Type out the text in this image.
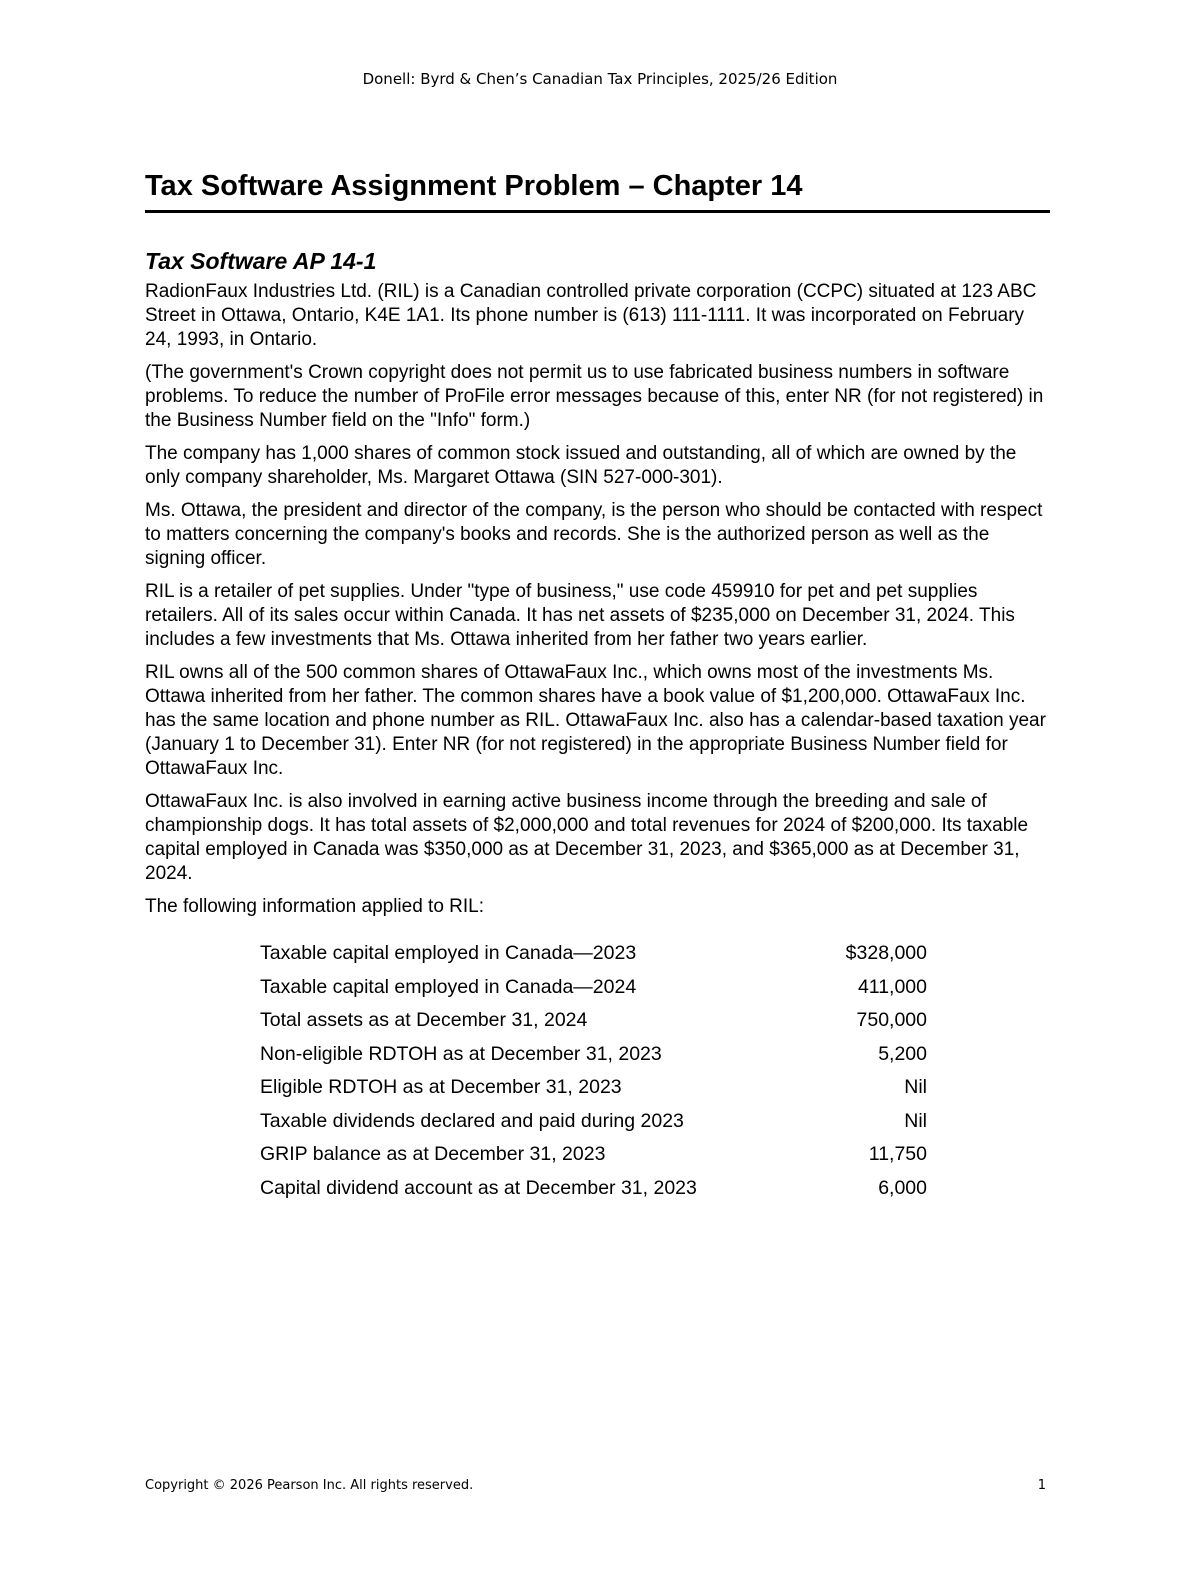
Donell: Byrd & Chen’s Canadian Tax Principles, 2025/26 Edition
Tax Software Assignment Problem – Chapter 14
Tax Software AP 14-1

RadionFaux Industries Ltd. (RIL) is a Canadian controlled private corporation (CCPC) situated at 123 ABC Street in Ottawa, Ontario, K4E 1A1. Its phone number is (613) 111-1111. It was incorporated on February 24, 1993, in Ontario.

(The government's Crown copyright does not permit us to use fabricated business numbers in software problems. To reduce the number of ProFile error messages because of this, enter NR (for not registered) in the Business Number field on the "Info" form.)

The company has 1,000 shares of common stock issued and outstanding, all of which are owned by the only company shareholder, Ms. Margaret Ottawa (SIN 527-000-301).

Ms. Ottawa, the president and director of the company, is the person who should be contacted with respect to matters concerning the company's books and records. She is the authorized person as well as the signing officer.

RIL is a retailer of pet supplies. Under "type of business," use code 459910 for pet and pet supplies retailers. All of its sales occur within Canada. It has net assets of $235,000 on December 31, 2024. This includes a few investments that Ms. Ottawa inherited from her father two years earlier.

RIL owns all of the 500 common shares of OttawaFaux Inc., which owns most of the investments Ms. Ottawa inherited from her father. The common shares have a book value of $1,200,000. OttawaFaux Inc. has the same location and phone number as RIL. OttawaFaux Inc. also has a calendar-based taxation year (January 1 to December 31). Enter NR (for not registered) in the appropriate Business Number field for OttawaFaux Inc.

OttawaFaux Inc. is also involved in earning active business income through the breeding and sale of championship dogs. It has total assets of $2,000,000 and total revenues for 2024 of $200,000. Its taxable capital employed in Canada was $350,000 as at December 31, 2023, and $365,000 as at December 31, 2024.

The following information applied to RIL:

Taxable capital employed in Canada—2023	$328,000
Taxable capital employed in Canada—2024	411,000
Total assets as at December 31, 2024	750,000
Non-eligible RDTOH as at December 31, 2023	5,200
Eligible RDTOH as at December 31, 2023	Nil
Taxable dividends declared and paid during 2023	Nil
GRIP balance as at December 31, 2023	11,750
Capital dividend account as at December 31, 2023	6,000
Copyright © 2026 Pearson Inc. All rights reserved.	1
